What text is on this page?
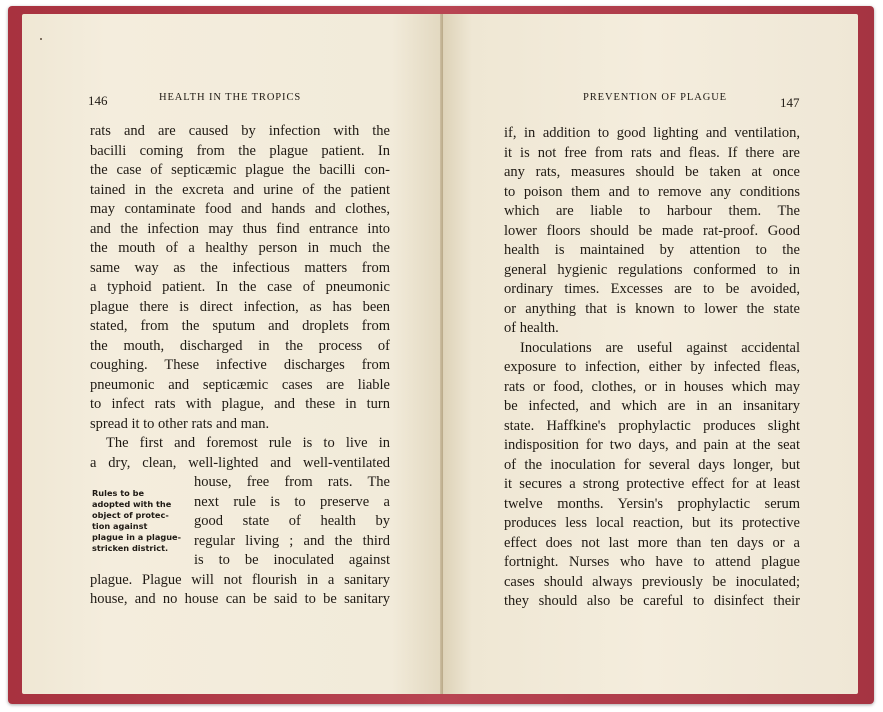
146	HEALTH IN THE TROPICS
rats and are caused by infection with the
bacilli coming from the plague patient. In
the case of septicæmic plague the bacilli con-
tained in the excreta and urine of the patient
may contaminate food and hands and clothes,
and the infection may thus find entrance into
the mouth of a healthy person in much the
same way as the infectious matters from
a typhoid patient. In the case of pneumonic
plague there is direct infection, as has been
stated, from the sputum and droplets from
the mouth, discharged in the process of
coughing. These infective discharges from
pneumonic and septicæmic cases are liable
to infect rats with plague, and these in turn
spread it to other rats and man.
The first and foremost rule is to live in
a dry, clean, well-lighted and well-ventilated
house, free from rats. The
next rule is to preserve a
good state of health by
regular living ; and the third
is to be inoculated against
plague. Plague will not flourish in a sanitary
house, and no house can be said to be sanitary
Rules to be
adopted with the
object of protec-
tion against
plague in a plague-
stricken district.
PREVENTION OF PLAGUE	147
if, in addition to good lighting and ventilation,
it is not free from rats and fleas. If there are
any rats, measures should be taken at once
to poison them and to remove any conditions
which are liable to harbour them. The
lower floors should be made rat-proof. Good
health is maintained by attention to the
general hygienic regulations conformed to in
ordinary times. Excesses are to be avoided,
or anything that is known to lower the state
of health.
Inoculations are useful against accidental
exposure to infection, either by infected fleas,
rats or food, clothes, or in houses which may
be infected, and which are in an insanitary
state. Haffkine's prophylactic produces slight
indisposition for two days, and pain at the seat
of the inoculation for several days longer, but
it secures a strong protective effect for at least
twelve months. Yersin's prophylactic serum
produces less local reaction, but its protective
effect does not last more than ten days or a
fortnight. Nurses who have to attend plague
cases should always previously be inoculated;
they should also be careful to disinfect their
